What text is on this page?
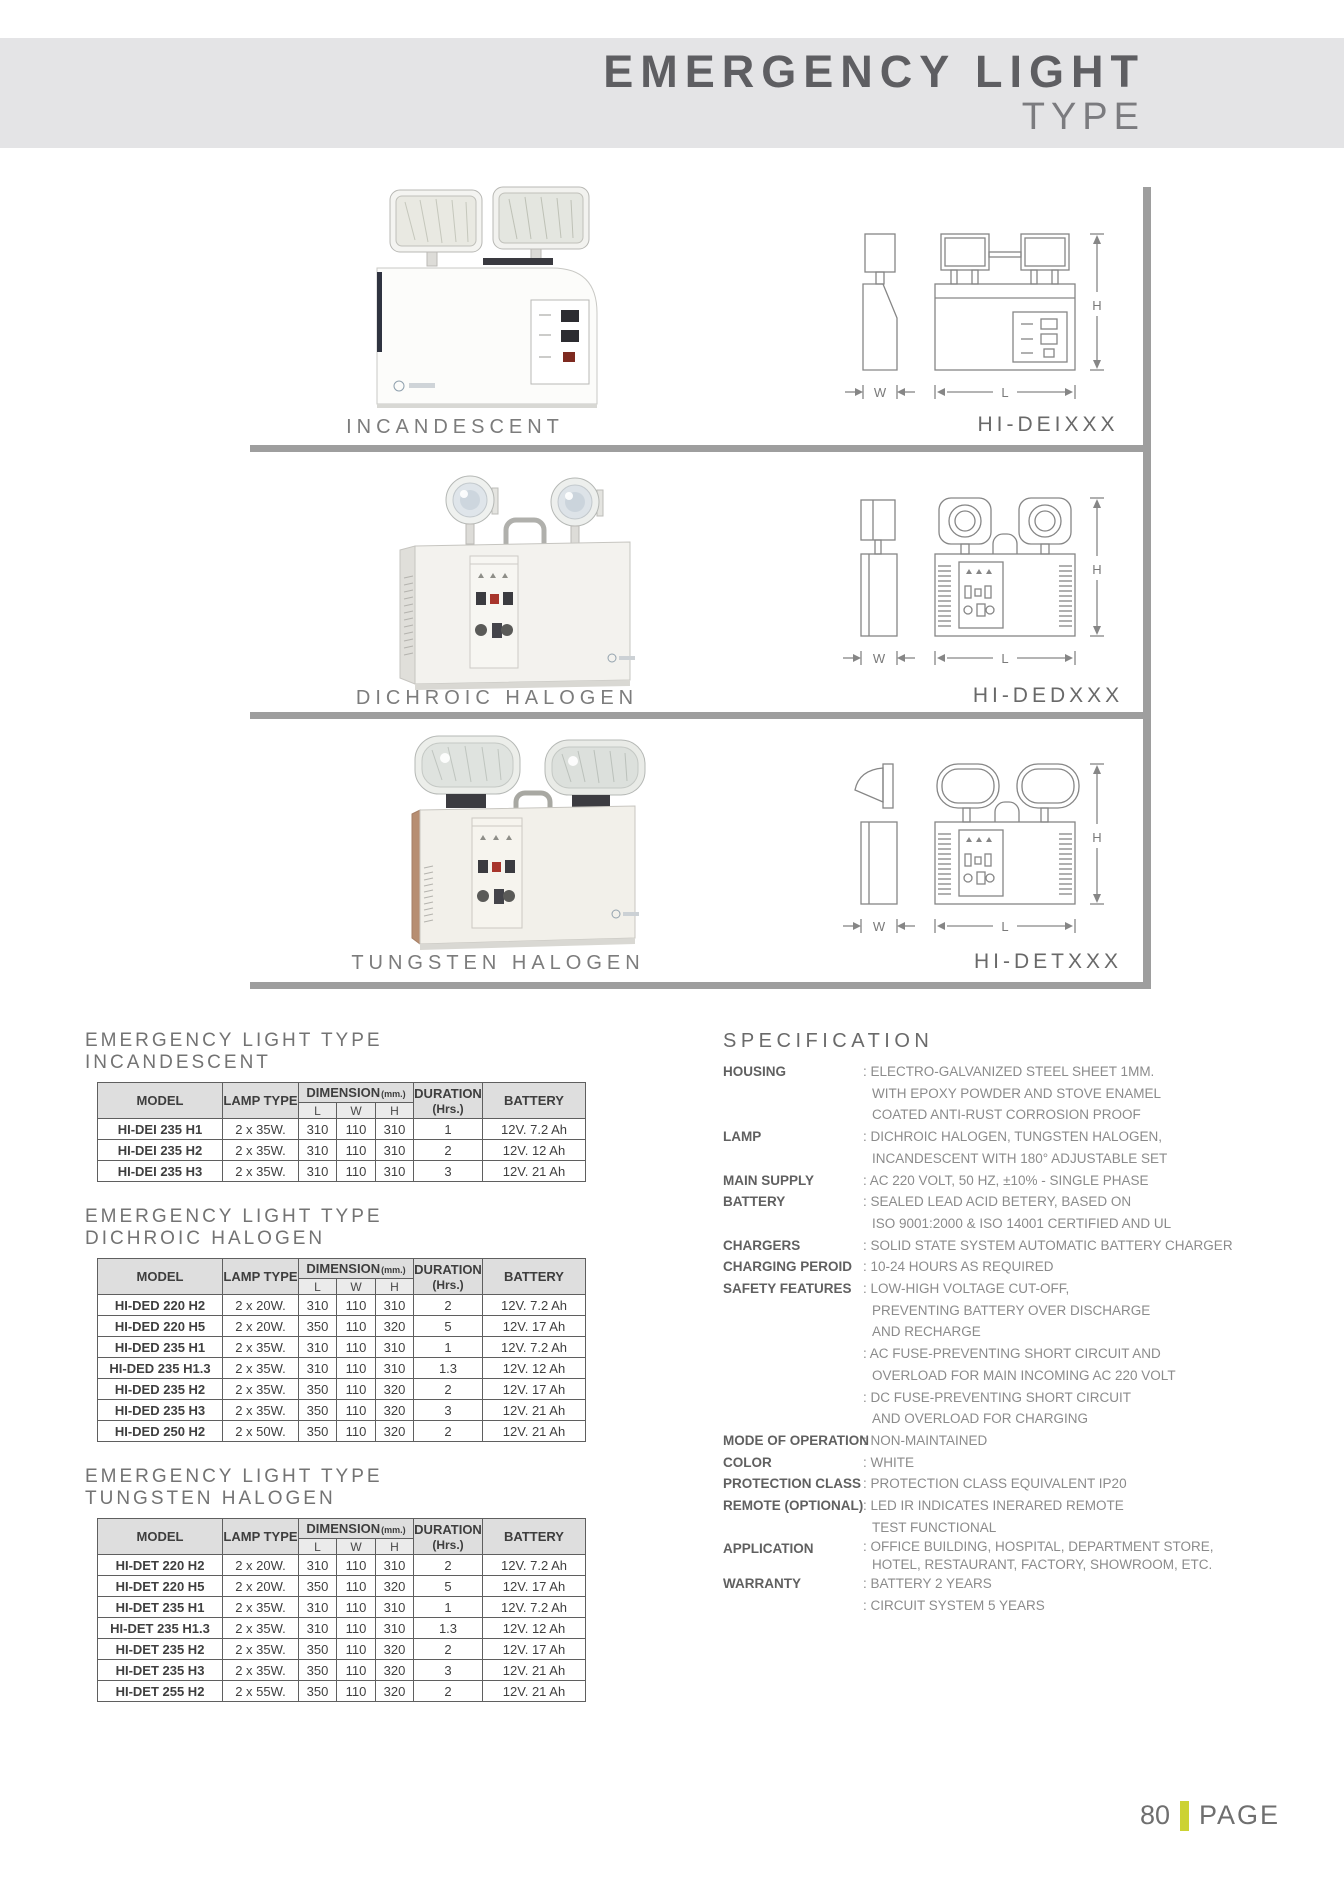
EMERGENCY LIGHT
TYPE
INCANDESCENT
H
W	L
HI-DEIXXX
DICHROIC HALOGEN
H
W	L
HI-DEDXXX
TUNGSTEN HALOGEN
H
W	L
HI-DETXXX
EMERGENCY LIGHT TYPE
INCANDESCENT
MODEL	LAMP TYPE	DIMENSION(mm.)			DURATION
(Hrs.)	BATTERY
		L	W	H		
HI-DEI 235 H1	2 x 35W.	310	110	310	1	12V. 7.2 Ah
HI-DEI 235 H2	2 x 35W.	310	110	310	2	12V. 12 Ah
HI-DEI 235 H3	2 x 35W.	310	110	310	3	12V. 21 Ah
EMERGENCY LIGHT TYPE
DICHROIC HALOGEN
MODEL	LAMP TYPE	DIMENSION(mm.)			DURATION
(Hrs.)	BATTERY
		L	W	H		
HI-DED 220 H2	2 x 20W.	310	110	310	2	12V. 7.2 Ah
HI-DED 220 H5	2 x 20W.	350	110	320	5	12V. 17 Ah
HI-DED 235 H1	2 x 35W.	310	110	310	1	12V. 7.2 Ah
HI-DED 235 H1.3	2 x 35W.	310	110	310	1.3	12V. 12 Ah
HI-DED 235 H2	2 x 35W.	350	110	320	2	12V. 17 Ah
HI-DED 235 H3	2 x 35W.	350	110	320	3	12V. 21 Ah
HI-DED 250 H2	2 x 50W.	350	110	320	2	12V. 21 Ah
EMERGENCY LIGHT TYPE
TUNGSTEN HALOGEN
MODEL	LAMP TYPE	DIMENSION(mm.)			DURATION
(Hrs.)	BATTERY
		L	W	H		
HI-DET 220 H2	2 x 20W.	310	110	310	2	12V. 7.2 Ah
HI-DET 220 H5	2 x 20W.	350	110	320	5	12V. 17 Ah
HI-DET 235 H1	2 x 35W.	310	110	310	1	12V. 7.2 Ah
HI-DET 235 H1.3	2 x 35W.	310	110	310	1.3	12V. 12 Ah
HI-DET 235 H2	2 x 35W.	350	110	320	2	12V. 17 Ah
HI-DET 235 H3	2 x 35W.	350	110	320	3	12V. 21 Ah
HI-DET 255 H2	2 x 55W.	350	110	320	2	12V. 21 Ah
SPECIFICATION
HOUSING	: ELECTRO-GALVANIZED STEEL SHEET 1MM.
WITH EPOXY POWDER AND STOVE ENAMEL
COATED ANTI-RUST CORROSION PROOF
LAMP	: DICHROIC HALOGEN, TUNGSTEN HALOGEN,
INCANDESCENT WITH 180° ADJUSTABLE SET
MAIN SUPPLY	: AC 220 VOLT, 50 HZ, ±10% - SINGLE PHASE
BATTERY	: SEALED LEAD ACID BETERY, BASED ON
ISO 9001:2000 & ISO 14001 CERTIFIED AND UL
CHARGERS	: SOLID STATE SYSTEM AUTOMATIC BATTERY CHARGER
CHARGING PEROID : 10-24 HOURS AS REQUIRED
SAFETY FEATURES : LOW-HIGH VOLTAGE CUT-OFF,
PREVENTING BATTERY OVER DISCHARGE
AND RECHARGE
: AC FUSE-PREVENTING SHORT CIRCUIT AND
OVERLOAD FOR MAIN INCOMING AC 220 VOLT
: DC FUSE-PREVENTING SHORT CIRCUIT
AND OVERLOAD FOR CHARGING
MODE OF OPERATION
: NON-MAINTAINED
COLOR	: WHITE
PROTECTION CLASS : PROTECTION CLASS EQUIVALENT IP20
REMOTE (OPTIONAL) : LED IR INDICATES INERARED REMOTE
TEST FUNCTIONAL
APPLICATION	: OFFICE BUILDING, HOSPITAL, DEPARTMENT STORE,
HOTEL, RESTAURANT, FACTORY, SHOWROOM, ETC.
WARRANTY	: BATTERY 2 YEARS
: CIRCUIT SYSTEM 5 YEARS
80 PAGE
